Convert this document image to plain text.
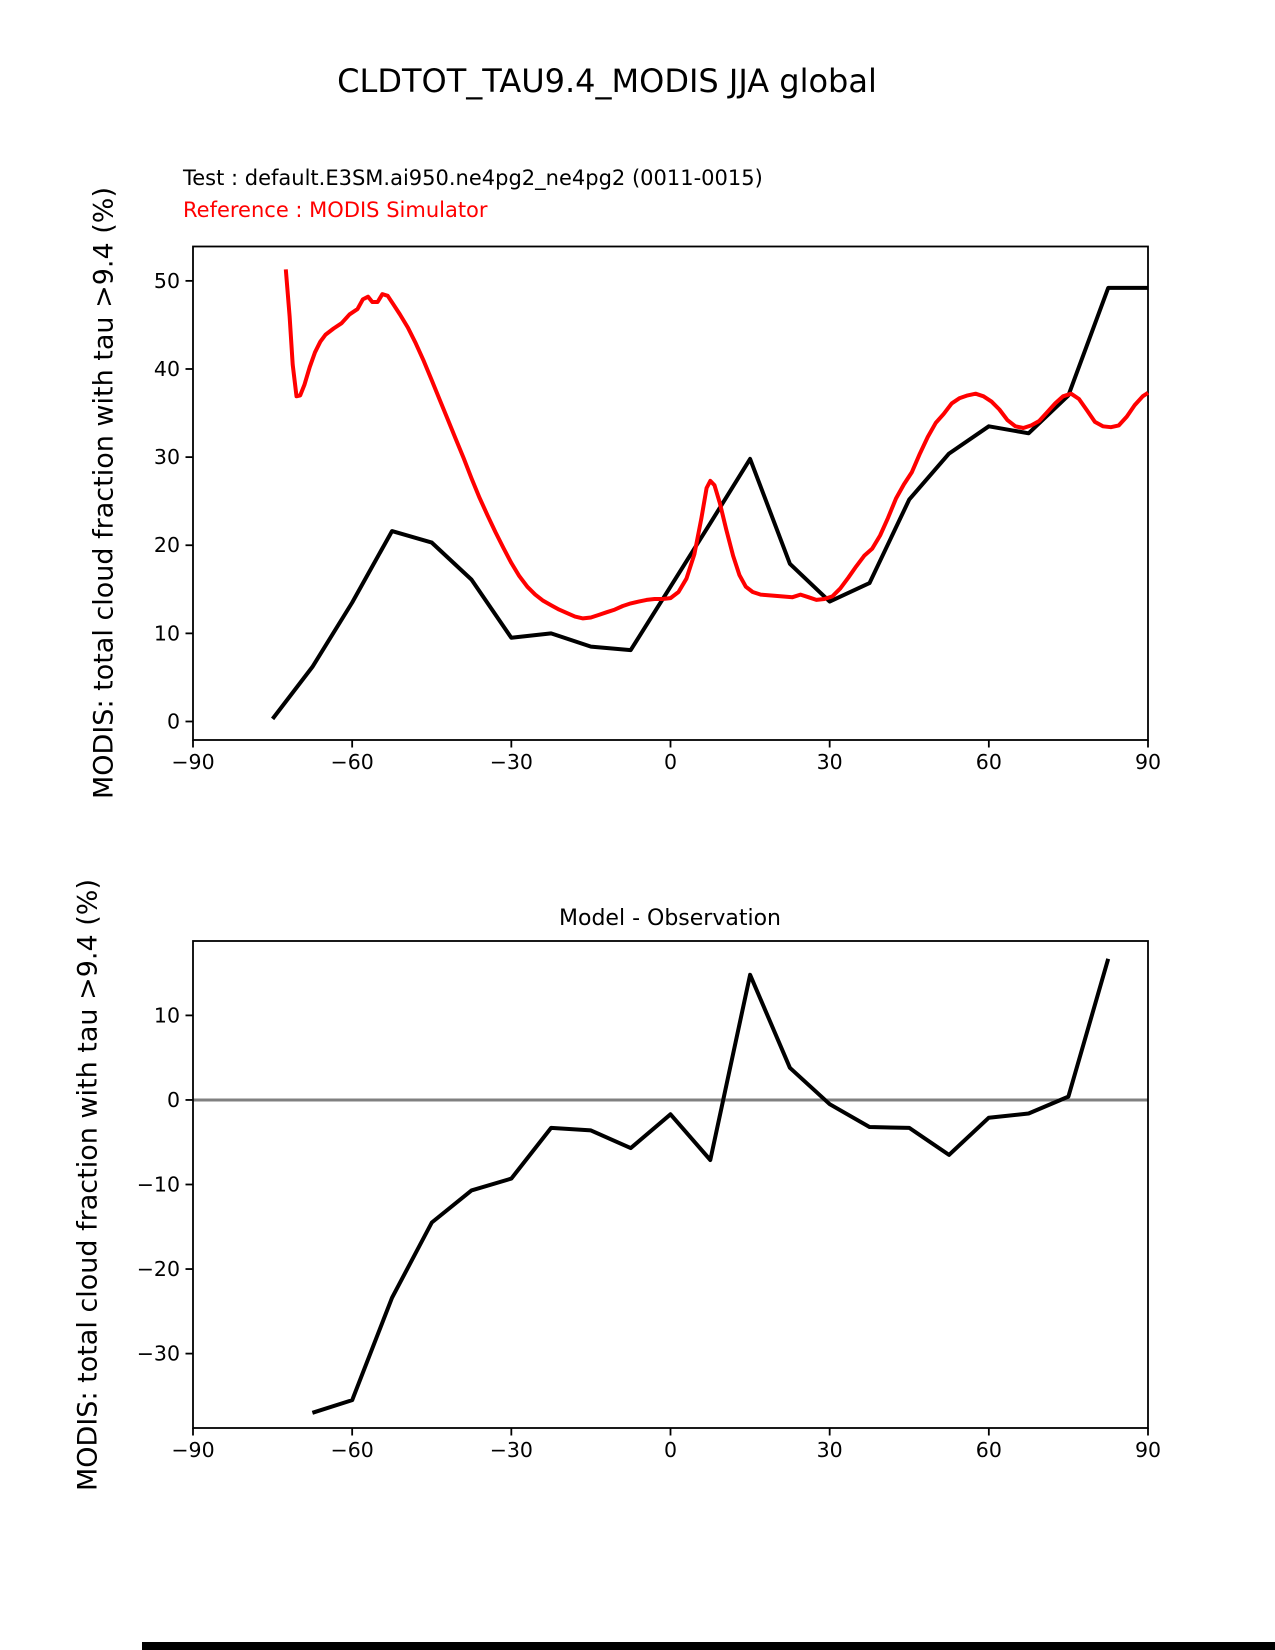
CLDTOT_TAU9.4_MODIS JJA global
Test : default.E3SM.ai950.ne4pg2_ne4pg2 (0011-0015)
Reference : MODIS Simulator
MODIS: total cloud fraction with tau >9.4 (%)
Model - Observation
MODIS: total cloud fraction with tau >9.4 (%)
−90	−60	−30	0	30	60	90
0
10
20
30
40
50
−90	−60	−30	0	30	60	90
10
0
−10
−20
−30
